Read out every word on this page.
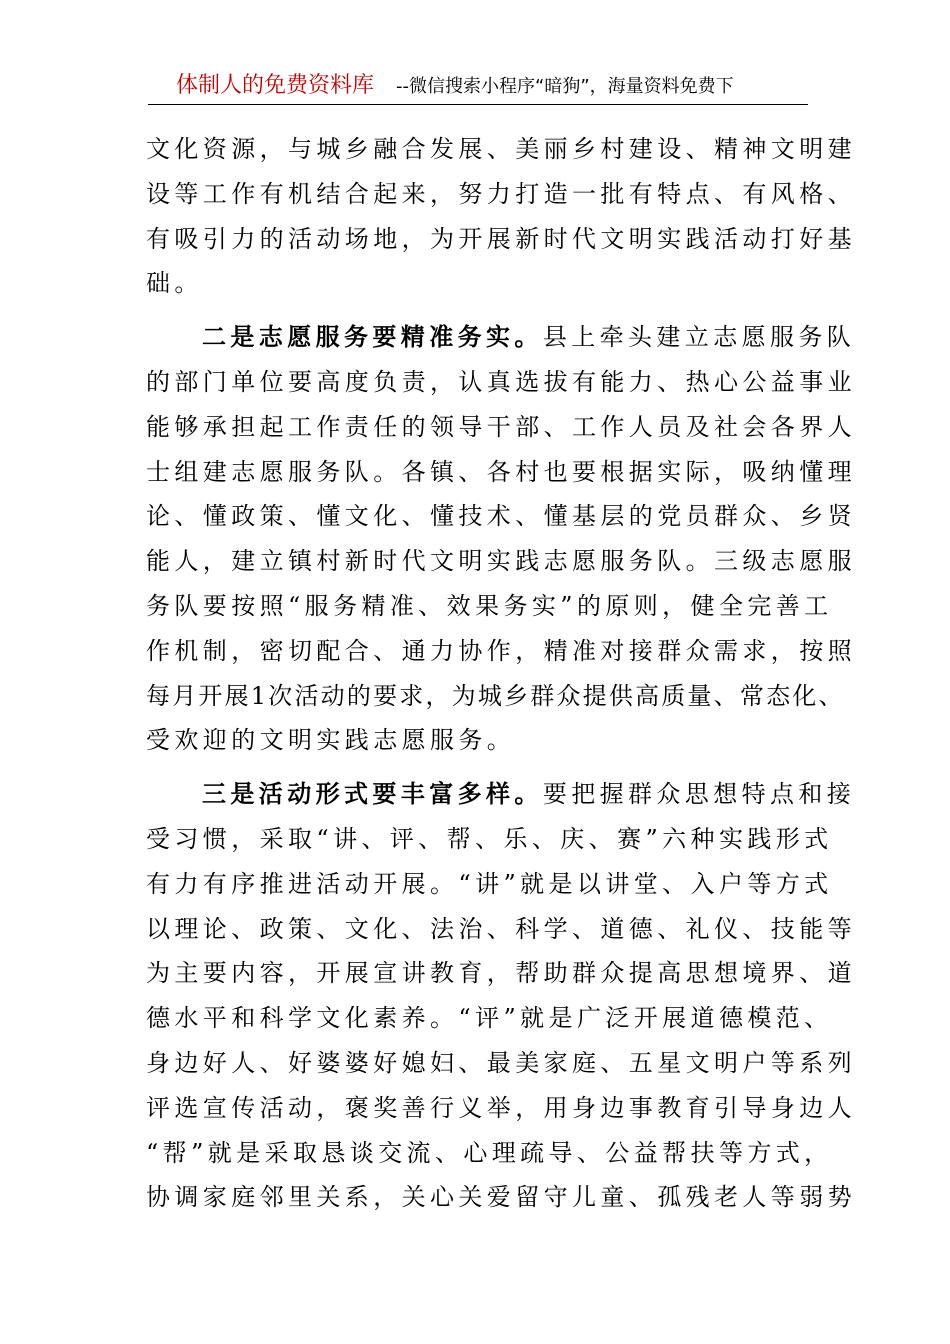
体制人的免费资料库 --微信搜索小程序“暗狗”，海量资料免费下
文化资源，与城乡融合发展、美丽乡村建设、精神文明建
设等工作有机结合起来，努力打造一批有特点、有风格、
有吸引力的活动场地，为开展新时代文明实践活动打好基
础。
二是志愿服务要精准务实。县上牵头建立志愿服务队
的部门单位要高度负责，认真选拔有能力、热心公益事业
能够承担起工作责任的领导干部、工作人员及社会各界人
士组建志愿服务队。各镇、各村也要根据实际，吸纳懂理
论、懂政策、懂文化、懂技术、懂基层的党员群众、乡贤
能人，建立镇村新时代文明实践志愿服务队。三级志愿服
务队要按照“服务精准、效果务实”的原则，健全完善工
作机制，密切配合、通力协作，精准对接群众需求，按照
每月开展1次活动的要求，为城乡群众提供高质量、常态化、
受欢迎的文明实践志愿服务。
三是活动形式要丰富多样。要把握群众思想特点和接
受习惯，采取“讲、评、帮、乐、庆、赛”六种实践形式
有力有序推进活动开展。“讲”就是以讲堂、入户等方式
以理论、政策、文化、法治、科学、道德、礼仪、技能等
为主要内容，开展宣讲教育，帮助群众提高思想境界、道
德水平和科学文化素养。“评”就是广泛开展道德模范、
身边好人、好婆婆好媳妇、最美家庭、五星文明户等系列
评选宣传活动，褒奖善行义举，用身边事教育引导身边人
“帮”就是采取恳谈交流、心理疏导、公益帮扶等方式，
协调家庭邻里关系，关心关爱留守儿童、孤残老人等弱势
